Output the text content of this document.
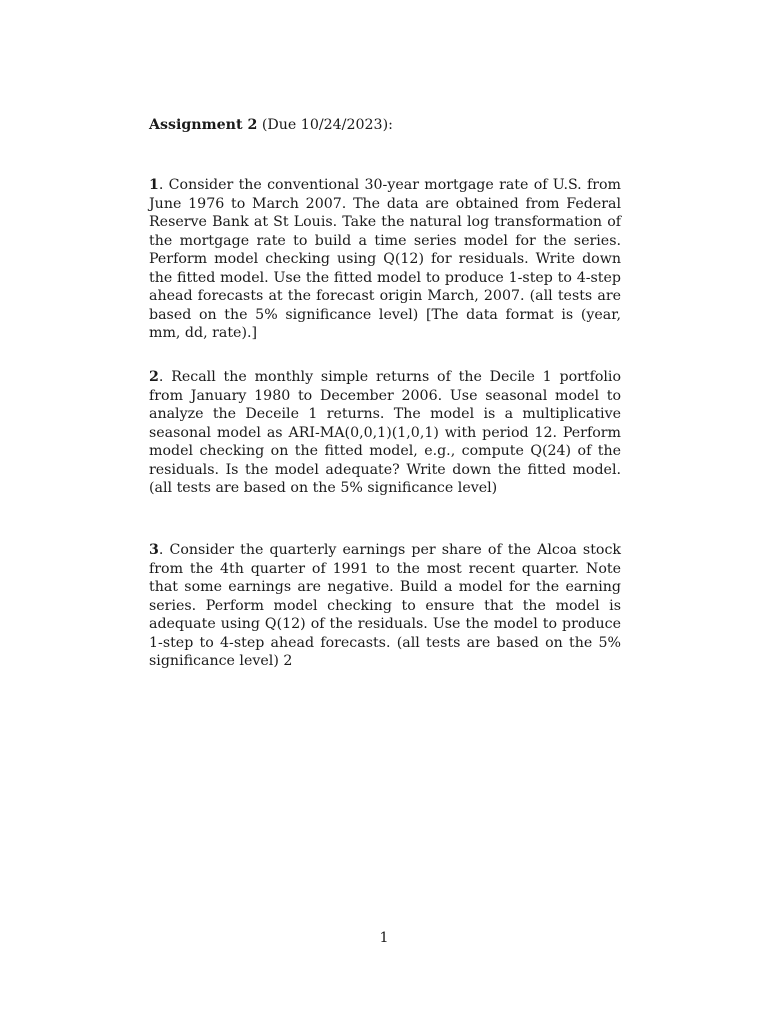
Assignment 2 (Due 10/24/2023):
1. Consider the conventional 30-year mortgage rate of U.S. from June 1976 to March 2007. The data are obtained from Federal Reserve Bank at St Louis. Take the natural log transformation of the mortgage rate to build a time series model for the series. Perform model checking using Q(12) for residuals. Write down the fitted model. Use the fitted model to produce 1-step to 4-step ahead forecasts at the forecast origin March, 2007. (all tests are based on the 5% significance level) [The data format is (year, mm, dd, rate).]
2. Recall the monthly simple returns of the Decile 1 portfolio from January 1980 to December 2006. Use seasonal model to analyze the Deceile 1 returns. The model is a multiplicative seasonal model as ARI-MA(0,0,1)(1,0,1) with period 12. Perform model checking on the fitted model, e.g., compute Q(24) of the residuals. Is the model adequate? Write down the fitted model. (all tests are based on the 5% significance level)
3. Consider the quarterly earnings per share of the Alcoa stock from the 4th quarter of 1991 to the most recent quarter. Note that some earnings are negative. Build a model for the earning series. Perform model checking to ensure that the model is adequate using Q(12) of the residuals. Use the model to produce 1-step to 4-step ahead forecasts. (all tests are based on the 5% significance level) 2
1
